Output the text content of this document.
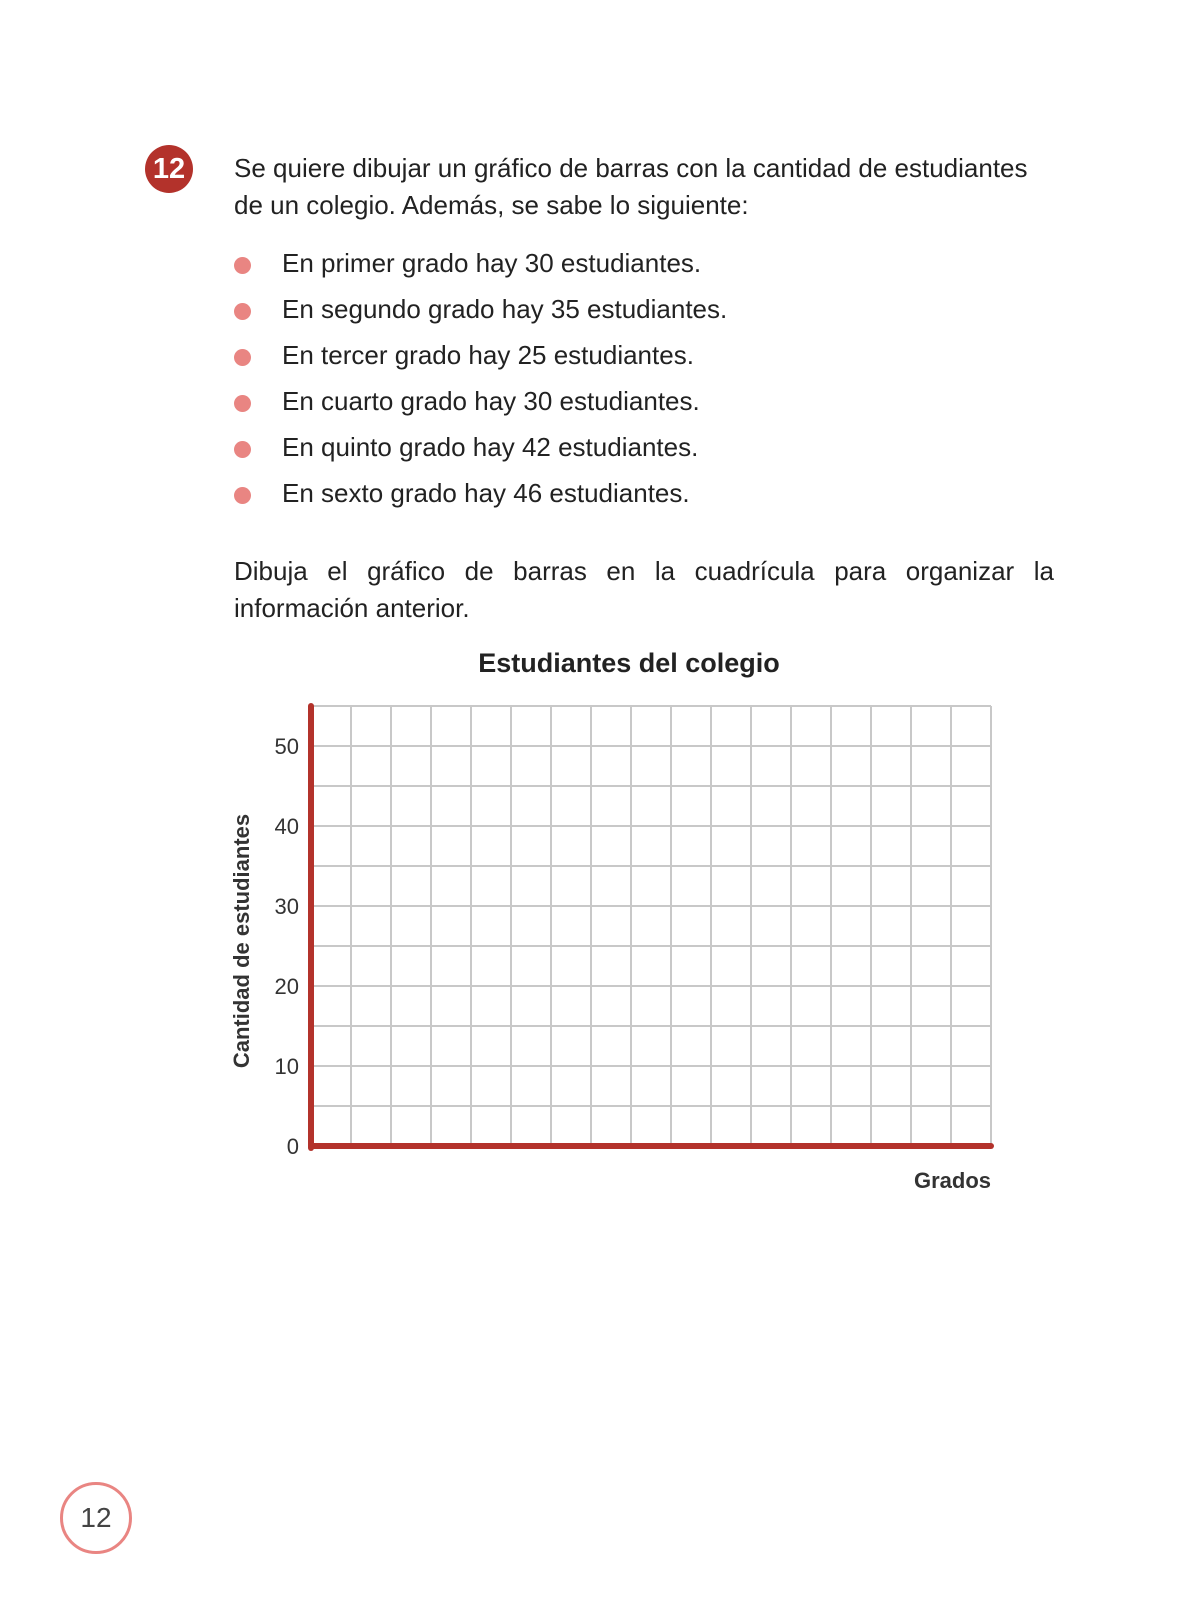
12	Se quiere dibujar un gráfico de barras con la cantidad de estudiantes de un colegio. Además, se sabe lo siguiente:

En primer grado hay 30 estudiantes.
En segundo grado hay 35 estudiantes.
En tercer grado hay 25 estudiantes.
En cuarto grado hay 30 estudiantes.
En quinto grado hay 42 estudiantes.
En sexto grado hay 46 estudiantes.

Dibuja el gráfico de barras en la cuadrícula para organizar la información anterior.

0
10
20
30
40
50
Estudiantes del colegio
Cantidad de estudiantes
Grados
12
